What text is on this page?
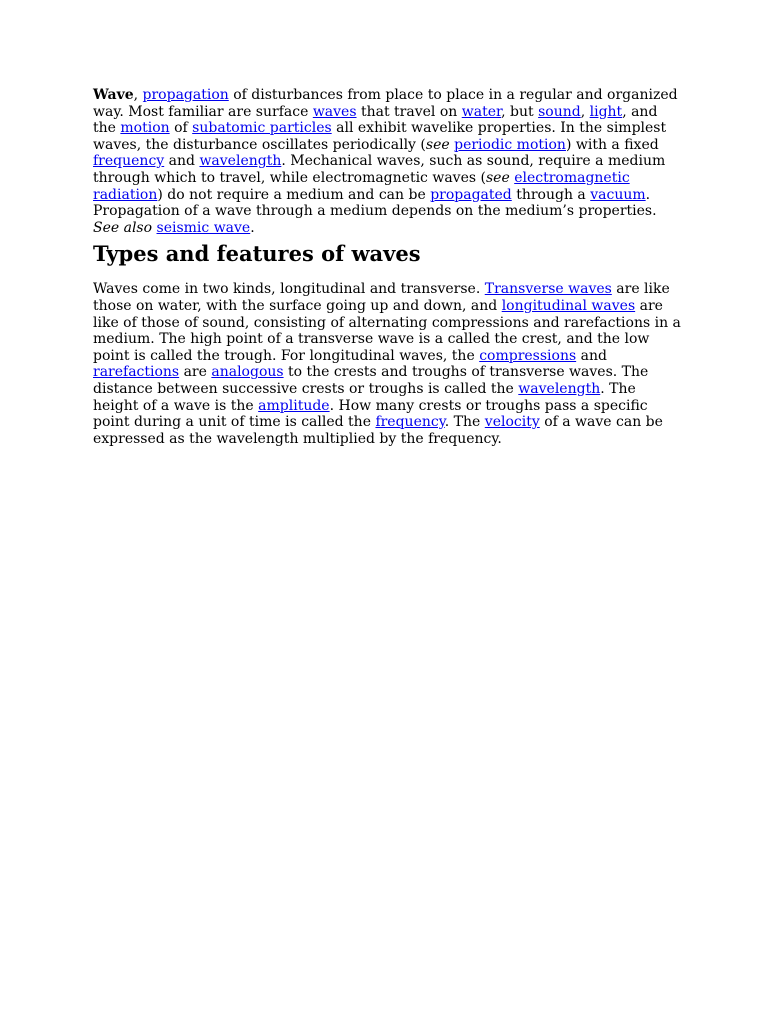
Wave, propagation of disturbances from place to place in a regular and organized way. Most familiar are surface waves that travel on water, but sound, light, and the motion of subatomic particles all exhibit wavelike properties. In the simplest waves, the disturbance oscillates periodically (see periodic motion) with a fixed frequency and wavelength. Mechanical waves, such as sound, require a medium through which to travel, while electromagnetic waves (see electromagnetic radiation) do not require a medium and can be propagated through a vacuum. Propagation of a wave through a medium depends on the medium’s properties. See also seismic wave.

Types and features of waves

Waves come in two kinds, longitudinal and transverse. Transverse waves are like those on water, with the surface going up and down, and longitudinal waves are like of those of sound, consisting of alternating compressions and rarefactions in a medium. The high point of a transverse wave is a called the crest, and the low point is called the trough. For longitudinal waves, the compressions and rarefactions are analogous to the crests and troughs of transverse waves. The distance between successive crests or troughs is called the wavelength. The height of a wave is the amplitude. How many crests or troughs pass a specific point during a unit of time is called the frequency. The velocity of a wave can be expressed as the wavelength multiplied by the frequency.
